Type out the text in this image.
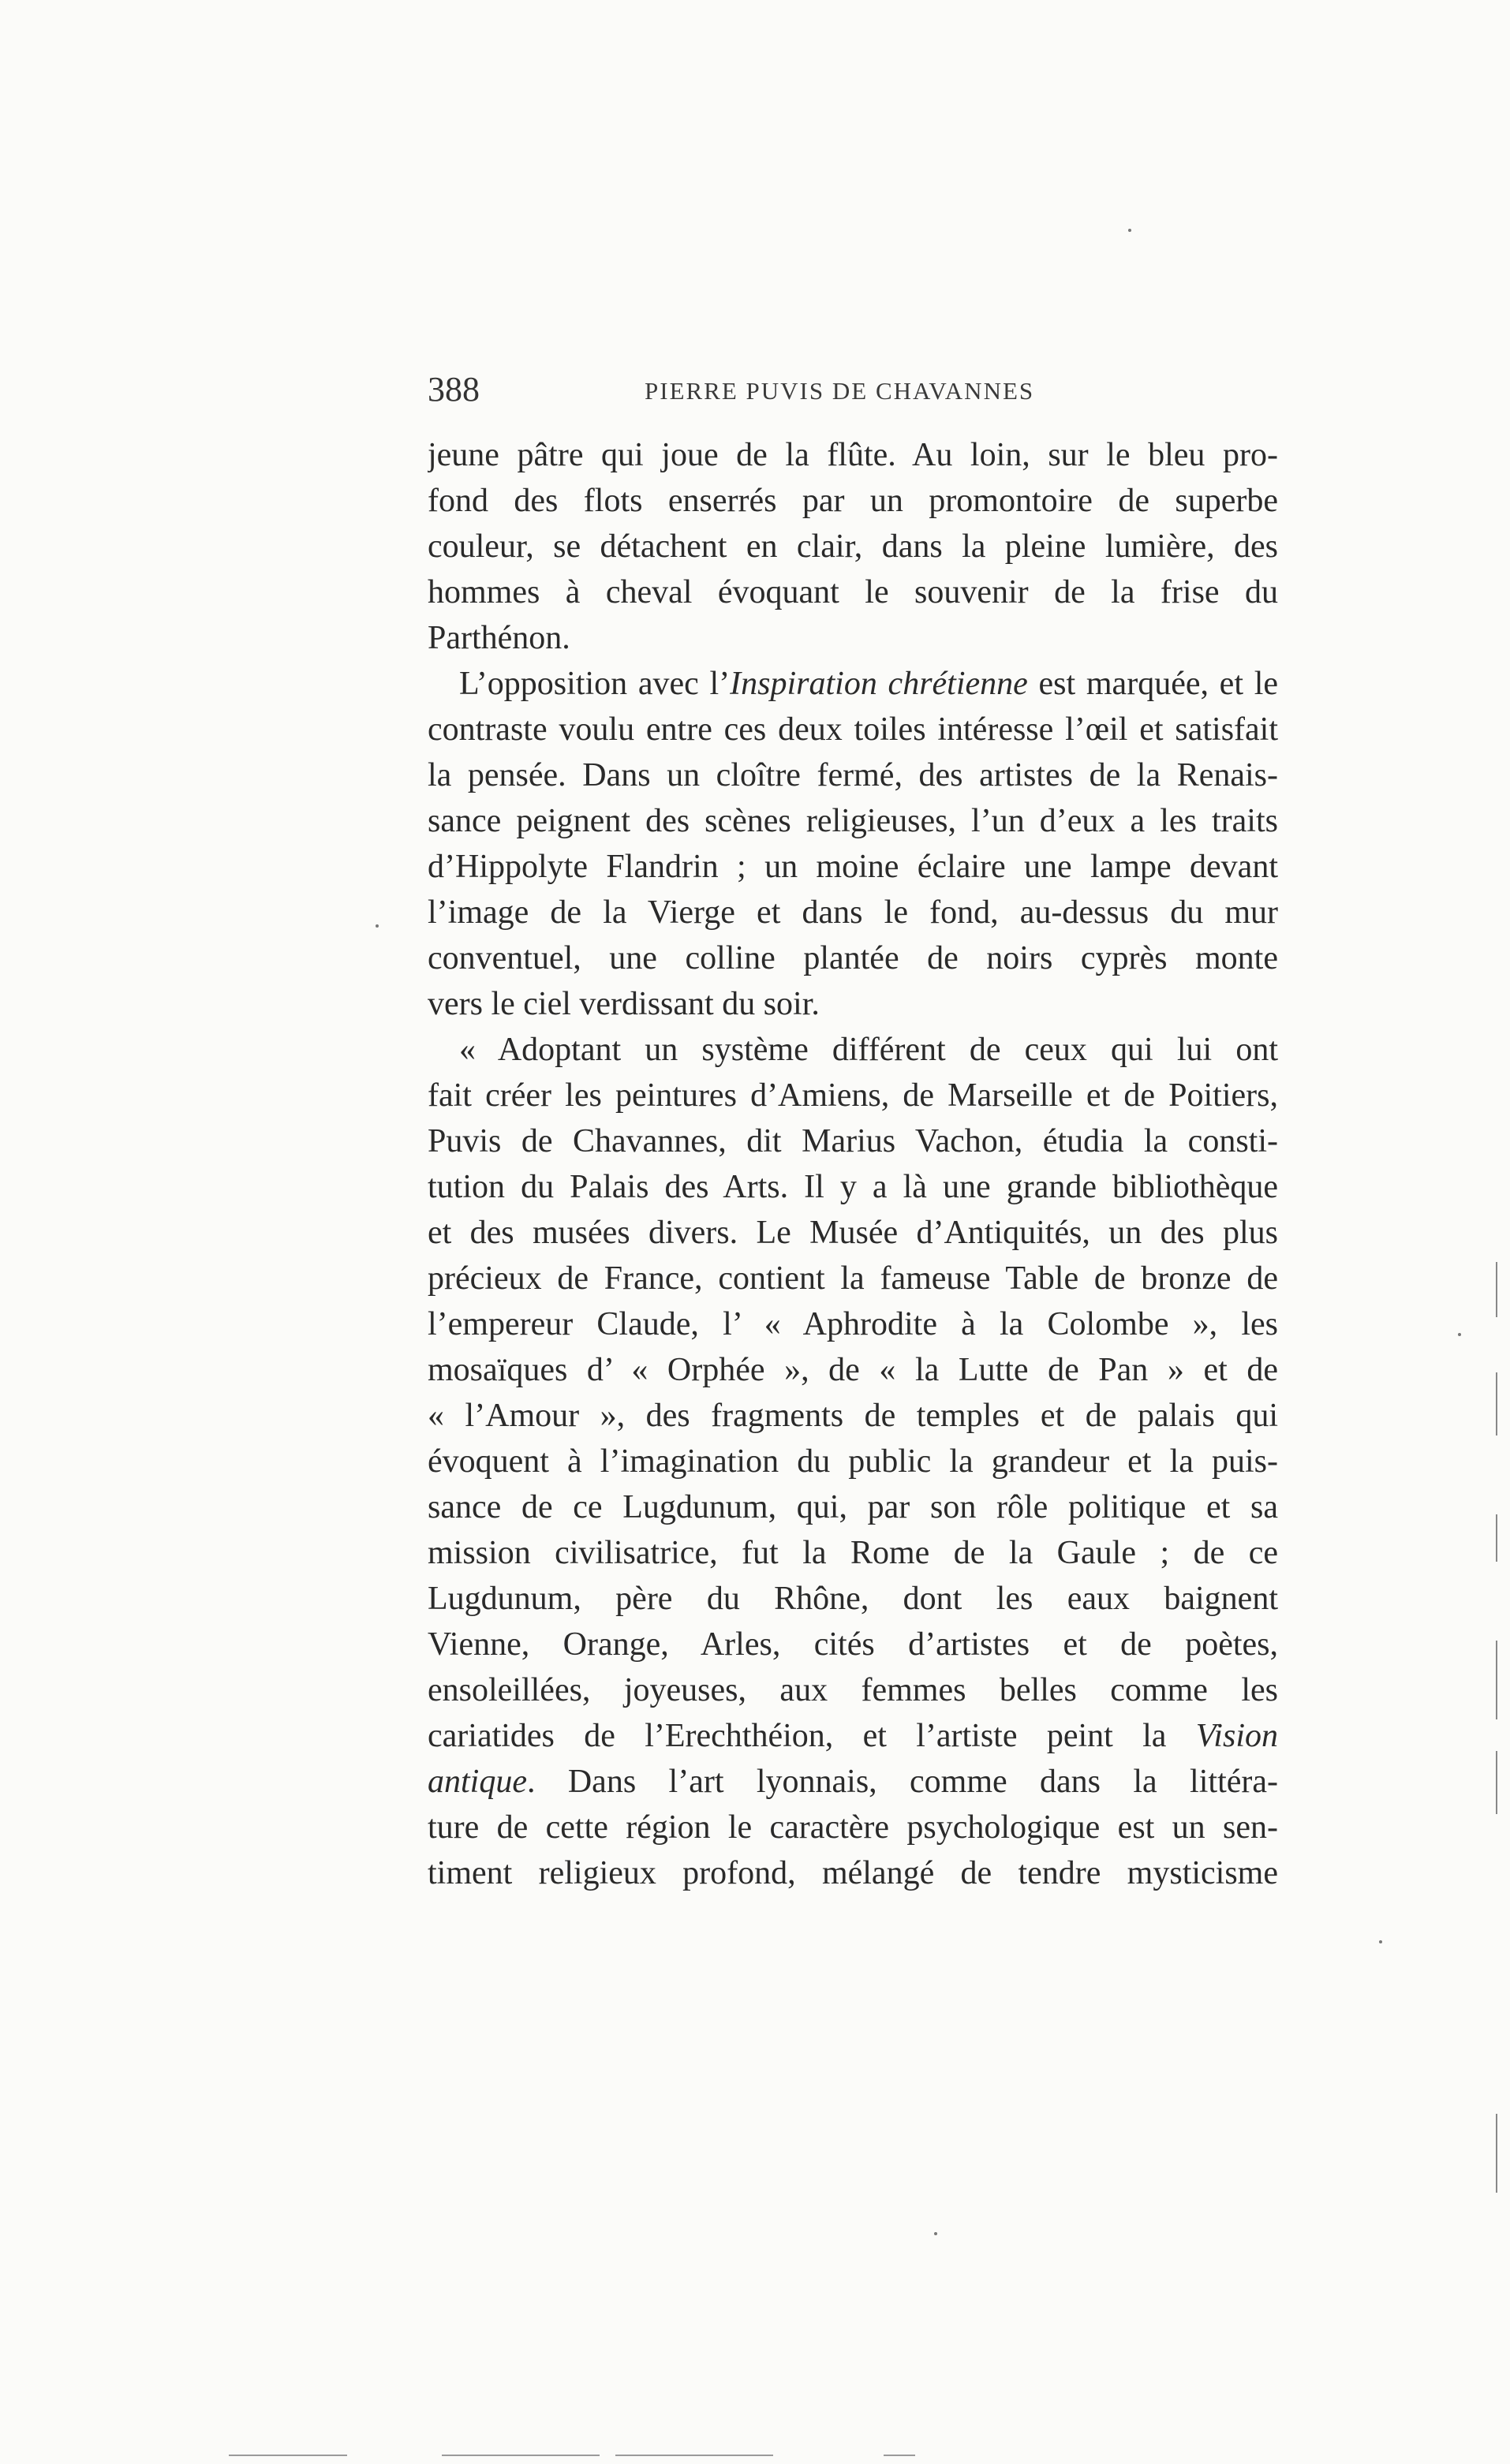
388	PIERRE PUVIS DE CHAVANNES
jeune pâtre qui joue de la flûte. Au loin, sur le bleu pro-
fond des flots enserrés par un promontoire de superbe
couleur, se détachent en clair, dans la pleine lumière, des
hommes à cheval évoquant le souvenir de la frise du
Parthénon.
L’opposition avec l’Inspiration chrétienne est marquée, et le
contraste voulu entre ces deux toiles intéresse l’œil et satisfait
la pensée. Dans un cloître fermé, des artistes de la Renais-
sance peignent des scènes religieuses, l’un d’eux a les traits
d’Hippolyte Flandrin ; un moine éclaire une lampe devant
l’image de la Vierge et dans le fond, au-dessus du mur
conventuel, une colline plantée de noirs cyprès monte
vers le ciel verdissant du soir.
« Adoptant un système différent de ceux qui lui ont
fait créer les peintures d’Amiens, de Marseille et de Poitiers,
Puvis de Chavannes, dit Marius Vachon, étudia la consti-
tution du Palais des Arts. Il y a là une grande bibliothèque
et des musées divers. Le Musée d’Antiquités, un des plus
précieux de France, contient la fameuse Table de bronze de
l’empereur Claude, l’ « Aphrodite à la Colombe », les
mosaïques d’ « Orphée », de « la Lutte de Pan » et de
« l’Amour », des fragments de temples et de palais qui
évoquent à l’imagination du public la grandeur et la puis-
sance de ce Lugdunum, qui, par son rôle politique et sa
mission civilisatrice, fut la Rome de la Gaule ; de ce
Lugdunum, père du Rhône, dont les eaux baignent
Vienne, Orange, Arles, cités d’artistes et de poètes,
ensoleillées, joyeuses, aux femmes belles comme les
cariatides de l’Erechthéion, et l’artiste peint la Vision
antique. Dans l’art lyonnais, comme dans la littéra-
ture de cette région le caractère psychologique est un sen-
timent religieux profond, mélangé de tendre mysticisme
